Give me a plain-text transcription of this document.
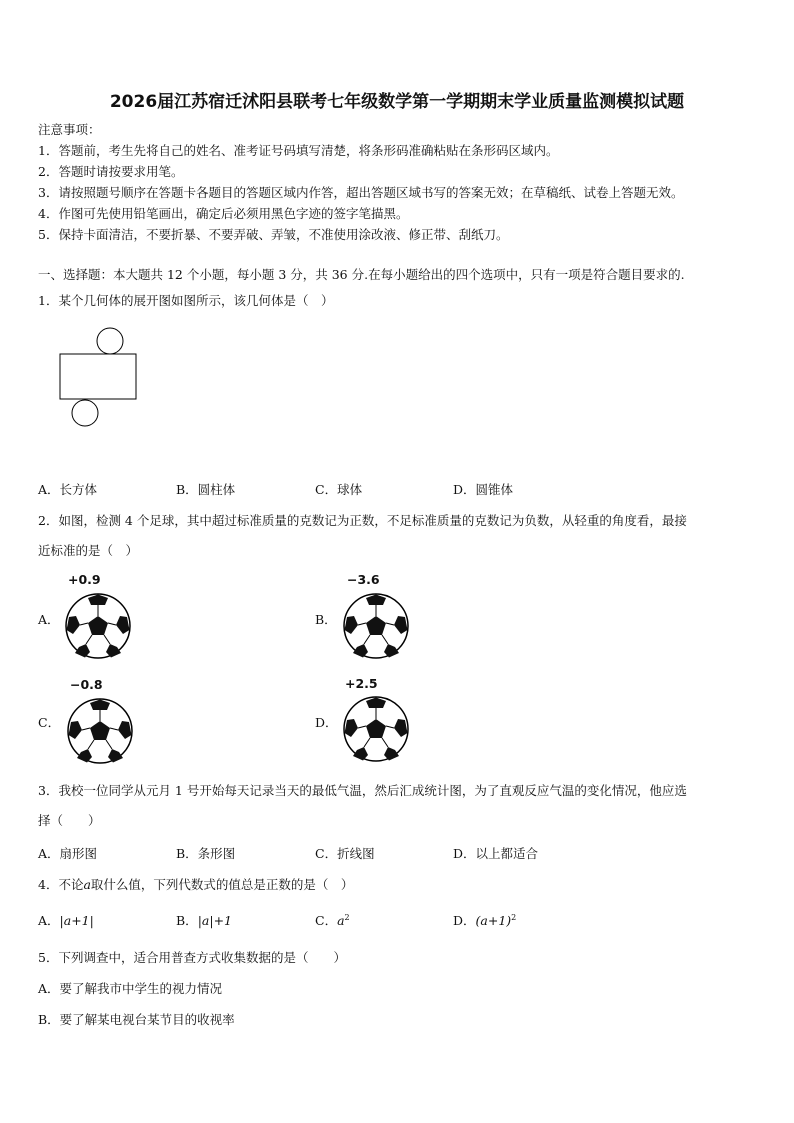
2026届江苏宿迁沭阳县联考七年级数学第一学期期末学业质量监测模拟试题
注意事项：
1．答题前，考生先将自己的姓名、准考证号码填写清楚，将条形码准确粘贴在条形码区域内。
2．答题时请按要求用笔。
3．请按照题号顺序在答题卡各题目的答题区域内作答，超出答题区域书写的答案无效；在草稿纸、试卷上答题无效。
4．作图可先使用铅笔画出，确定后必须用黑色字迹的签字笔描黑。
5．保持卡面清洁，不要折暴、不要弄破、弄皱，不准使用涂改液、修正带、刮纸刀。
一、选择题：本大题共 12 个小题，每小题 3 分，共 36 分.在每小题给出的四个选项中，只有一项是符合题目要求的.
1．某个几何体的展开图如图所示，该几何体是（　）
A．长方体	B．圆柱体	C．球体	D．圆锥体
2．如图，检测 4 个足球，其中超过标准质量的克数记为正数，不足标准质量的克数记为负数，从轻重的角度看，最接
近标准的是（　）
+0.9
A．
−3.6
B．
−0.8
C．
+2.5
D．
3．我校一位同学从元月 1 号开始每天记录当天的最低气温，然后汇成统计图，为了直观反应气温的变化情况，他应选
择（　　）
A．扇形图	B．条形图	C．折线图	D．以上都适合
4．不论a取什么值，下列代数式的值总是正数的是（　）
A．|a+1|	B．|a|+1	C．$a^2$	D．$(a+1)^2$
5．下列调查中，适合用普查方式收集数据的是（　　）
A．要了解我市中学生的视力情况
B．要了解某电视台某节目的收视率
